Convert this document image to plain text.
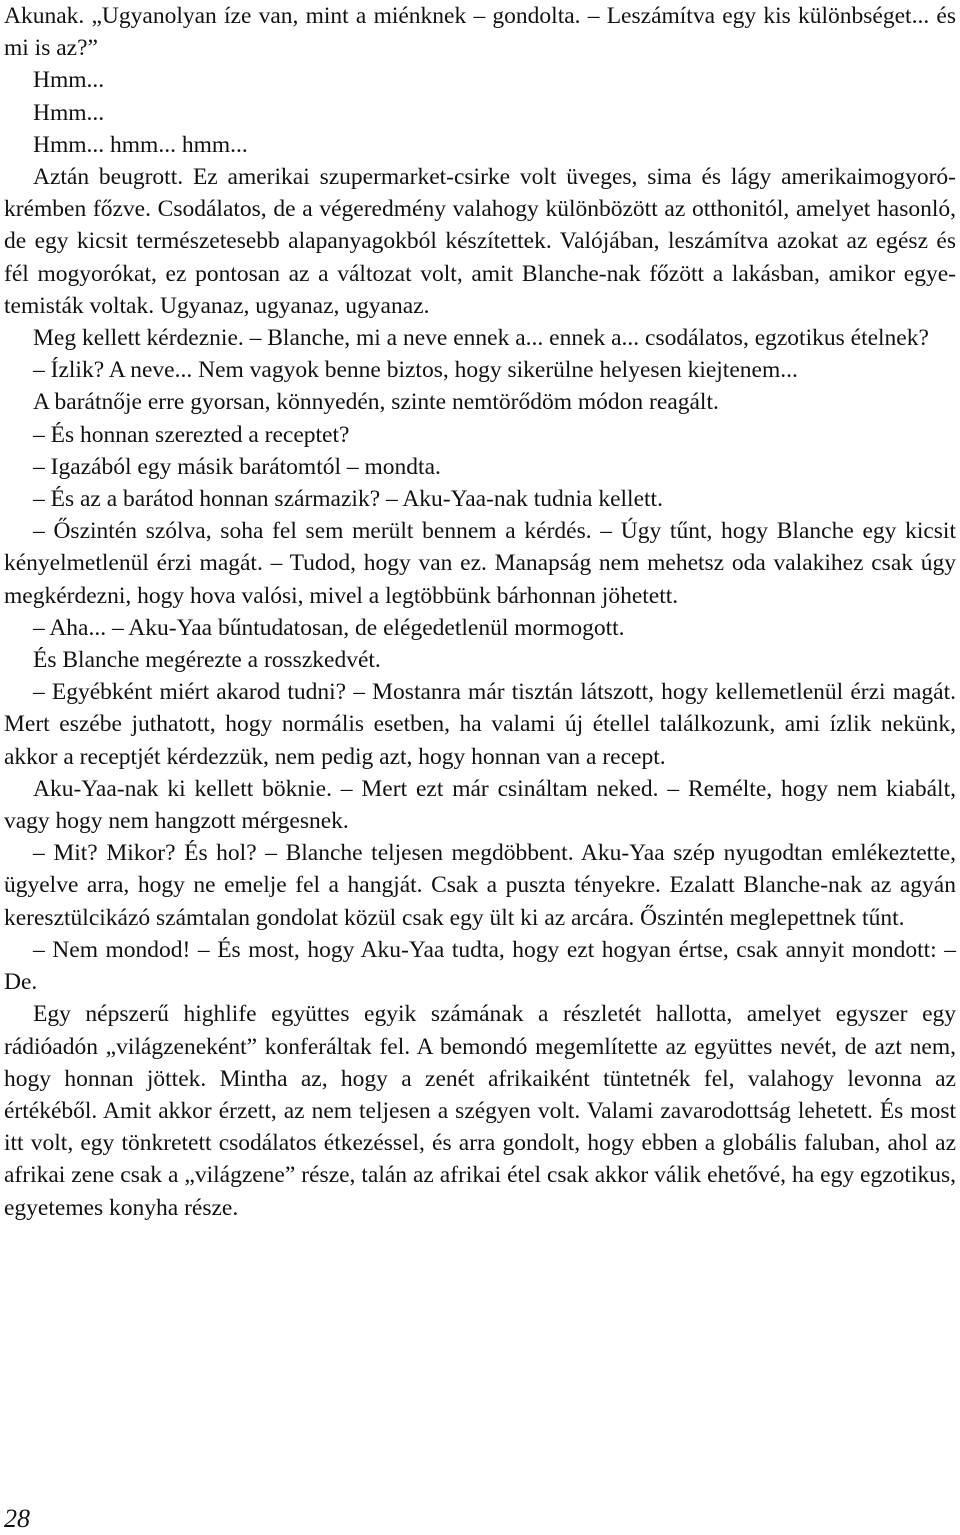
Akunak. „Ugyanolyan íze van, mint a miénknek – gondolta. – Leszámítva egy kis különbséget... és mi is az?”

Hmm...

Hmm...

Hmm... hmm... hmm...

Aztán beugrott. Ez amerikai szupermarket-csirke volt üveges, sima és lágy amerikaimogyoró-krémben főzve. Csodálatos, de a végeredmény valahogy különbözött az otthonitól, amelyet hasonló, de egy kicsit természetesebb alapanyagokból készítettek. Valójában, leszámítva azokat az egész és fél mogyorókat, ez pontosan az a változat volt, amit Blanche-nak főzött a lakásban, amikor egyetemisták voltak. Ugyanaz, ugyanaz, ugyanaz.

Meg kellett kérdeznie. – Blanche, mi a neve ennek a... ennek a... csodálatos, egzotikus ételnek?

– Ízlik? A neve... Nem vagyok benne biztos, hogy sikerülne helyesen kiejtenem...

A barátnője erre gyorsan, könnyedén, szinte nemtörődöm módon reagált.

– És honnan szerezted a receptet?

– Igazából egy másik barátomtól – mondta.

– És az a barátod honnan származik? – Aku-Yaa-nak tudnia kellett.

– Őszintén szólva, soha fel sem merült bennem a kérdés. – Úgy tűnt, hogy Blanche egy kicsit kényelmetlenül érzi magát. – Tudod, hogy van ez. Manapság nem mehetsz oda valakihez csak úgy megkérdezni, hogy hova valósi, mivel a legtöbbünk bárhonnan jöhetett.

– Aha... – Aku-Yaa bűntudatosan, de elégedetlenül mormogott.

És Blanche megérezte a rosszkedvét.

– Egyébként miért akarod tudni? – Mostanra már tisztán látszott, hogy kellemetlenül érzi magát. Mert eszébe juthatott, hogy normális esetben, ha valami új étellel találkozunk, ami ízlik nekünk, akkor a receptjét kérdezzük, nem pedig azt, hogy honnan van a recept.

Aku-Yaa-nak ki kellett böknie. – Mert ezt már csináltam neked. – Remélte, hogy nem kiabált, vagy hogy nem hangzott mérgesnek.

– Mit? Mikor? És hol? – Blanche teljesen megdöbbent. Aku-Yaa szép nyugodtan emlékeztette, ügyelve arra, hogy ne emelje fel a hangját. Csak a puszta tényekre. Ezalatt Blanche-nak az agyán keresztülcikázó számtalan gondolat közül csak egy ült ki az arcára. Őszintén meglepettnek tűnt.

– Nem mondod! – És most, hogy Aku-Yaa tudta, hogy ezt hogyan értse, csak annyit mondott: – De.

Egy népszerű highlife együttes egyik számának a részletét hallotta, amelyet egyszer egy rádióadón „világzeneként” konferáltak fel. A bemondó megemlítette az együttes nevét, de azt nem, hogy honnan jöttek. Mintha az, hogy a zenét afrikaiként tüntetnék fel, valahogy levonna az értékéből. Amit akkor érzett, az nem teljesen a szégyen volt. Valami zavarodottság lehetett. És most itt volt, egy tönkretett csodálatos étkezéssel, és arra gondolt, hogy ebben a globális faluban, ahol az afrikai zene csak a „világzene” része, talán az afrikai étel csak akkor válik ehetővé, ha egy egzotikus, egyetemes konyha része.

28
